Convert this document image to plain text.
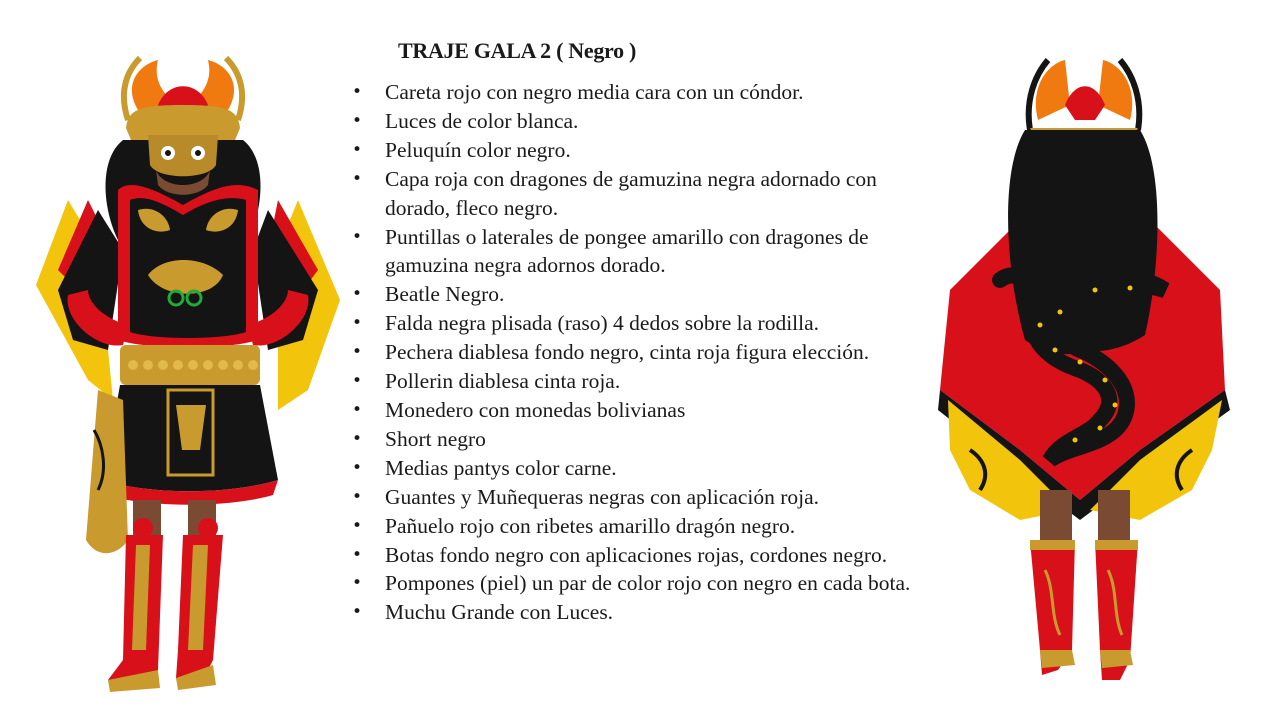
TRAJE GALA 2 ( Negro )
• Careta rojo con negro media cara con un cóndor.
• Luces de color blanca.
• Peluquín color negro.
• Capa roja con dragones de gamuzina negra adornado con dorado, fleco negro.
• Puntillas o laterales de pongee amarillo con dragones de gamuzina negra adornos dorado.
• Beatle Negro.
• Falda negra plisada (raso) 4 dedos sobre la rodilla.
• Pechera diablesa fondo negro, cinta roja figura elección.
• Pollerin diablesa cinta roja.
• Monedero con monedas bolivianas
• Short negro
• Medias pantys color carne.
• Guantes y Muñequeras negras con aplicación roja.
• Pañuelo rojo con ribetes amarillo dragón negro.
• Botas fondo negro con aplicaciones rojas, cordones negro.
• Pompones (piel) un par de color rojo con negro en cada bota.
• Muchu Grande con Luces.
